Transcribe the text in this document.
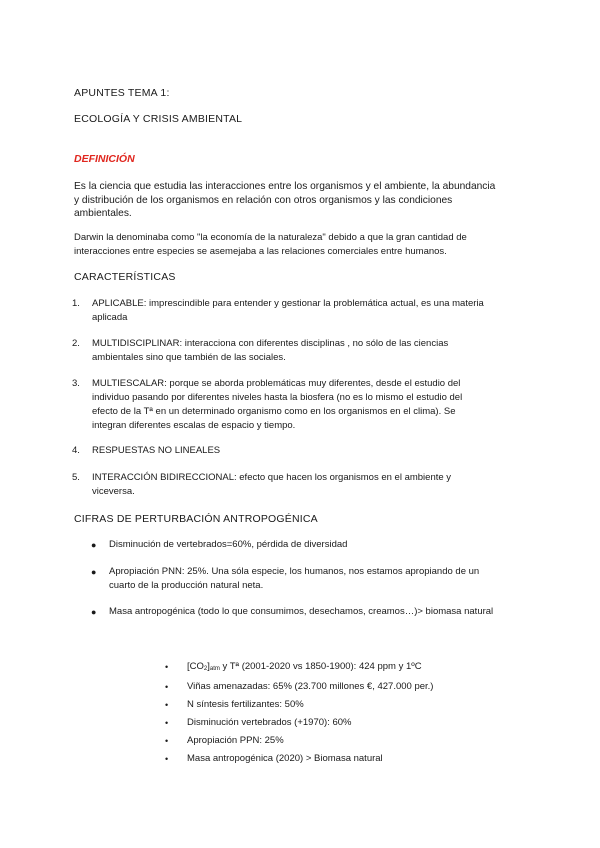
APUNTES TEMA 1:
ECOLOGÍA Y CRISIS AMBIENTAL
DEFINICIÓN
Es la ciencia que estudia las interacciones entre los organismos y el ambiente, la abundancia
y distribución de los organismos en relación con otros organismos y las condiciones
ambientales.
Darwin la denominaba como "la economía de la naturaleza" debido a que la gran cantidad de
interacciones entre especies se asemejaba a las relaciones comerciales entre humanos.
CARACTERÍSTICAS
1. APLICABLE: imprescindible para entender y gestionar la problemática actual, es una materia
aplicada
2. MULTIDISCIPLINAR: interacciona con diferentes disciplinas , no sólo de las ciencias
ambientales sino que también de las sociales.
3. MULTIESCALAR: porque se aborda problemáticas muy diferentes, desde el estudio del
individuo pasando por diferentes niveles hasta la biosfera (no es lo mismo el estudio del
efecto de la Tª en un determinado organismo como en los organismos en el clima). Se
integran diferentes escalas de espacio y tiempo.
4. RESPUESTAS NO LINEALES
5. INTERACCIÓN BIDIRECCIONAL: efecto que hacen los organismos en el ambiente y
viceversa.
CIFRAS DE PERTURBACIÓN ANTROPOGÉNICA
● Disminución de vertebrados=60%, pérdida de diversidad
● Apropiación PNN: 25%. Una sóla especie, los humanos, nos estamos apropiando de un
cuarto de la producción natural neta.
● Masa antropogénica (todo lo que consumimos, desechamos, creamos…)> biomasa natural
• $[CO_2]_{atm}$ y Tª (2001-2020 vs 1850-1900): 424 ppm y 1ºC
• Viñas amenazadas: 65% (23.700 millones €, 427.000 per.)
• N síntesis fertilizantes: 50%
• Disminución vertebrados (+1970): 60%
• Apropiación PPN: 25%
• Masa antropogénica (2020) > Biomasa natural
